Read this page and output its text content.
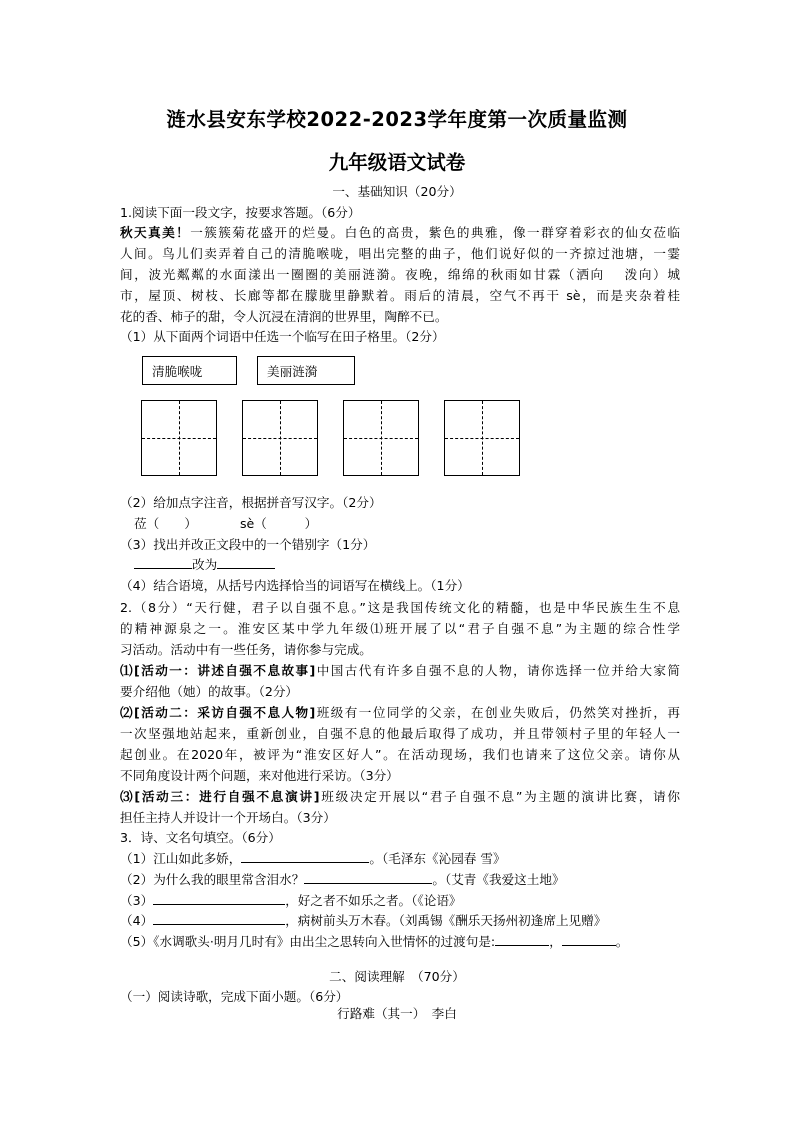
涟水县安东学校2022-2023学年度第一次质量监测
九年级语文试卷
一、基础知识（20分）
1.阅读下面一段文字，按要求答题。（6分）
秋天真美！一簇簇菊花盛开的烂曼。白色的高贵，紫色的典雅，像一群穿着彩衣的仙女莅临
人间。鸟儿们卖弄着自己的清脆喉咙，唱出完整的曲子，他们说好似的一齐掠过池塘，一霎
间，波光粼粼的水面漾出一圈圈的美丽涟漪。夜晚，绵绵的秋雨如甘霖（洒向　 泼向）城
市，屋顶、树枝、长廊等都在朦胧里静默着。雨后的清晨，空气不再干 sè，而是夹杂着桂
花的香、柿子的甜，令人沉浸在清润的世界里，陶醉不已。
（1）从下面两个词语中任选一个临写在田子格里。（2分）
清脆喉咙	美丽涟漪
（2）给加点字注音，根据拼音写汉字。（2分）
莅（　　）	sè（　　　）
（3）找出并改正文段中的一个错别字（1分）
改为
（4）结合语境，从括号内选择恰当的词语写在横线上。（1分）
2.（8分）“天行健，君子以自强不息。”这是我国传统文化的精髓，也是中华民族生生不息
的精神源泉之一。淮安区某中学九年级⑴班开展了以“君子自强不息”为主题的综合性学
习活动。活动中有一些任务，请你参与完成。
⑴[活动一：讲述自强不息故事]中国古代有许多自强不息的人物，请你选择一位并给大家简
要介绍他（她）的故事。（2分）
⑵[活动二：采访自强不息人物]班级有一位同学的父亲，在创业失败后，仍然笑对挫折，再
一次坚强地站起来，重新创业，自强不息的他最后取得了成功，并且带领村子里的年轻人一
起创业。在2020年，被评为“淮安区好人”。在活动现场，我们也请来了这位父亲。请你从
不同角度设计两个问题，来对他进行采访。（3分）
⑶[活动三：进行自强不息演讲]班级决定开展以“君子自强不息”为主题的演讲比赛，请你
担任主持人并设计一个开场白。（3分）
3．诗、文名句填空。（6分）
（1）江山如此多娇，	。（毛泽东《沁园春 雪》
（2）为什么我的眼里常含泪水？	。（艾青《我爱这土地》
（3）	，好之者不如乐之者。（《论语》
（4）	，病树前头万木春。（刘禹锡《酬乐天扬州初逢席上见赠》
（5）《水调歌头·明月几时有》由出尘之思转向入世情怀的过渡句是:	，	。
二、阅读理解　（70分）
（一）阅读诗歌，完成下面小题。（6分）
行路难（其一）　李白
